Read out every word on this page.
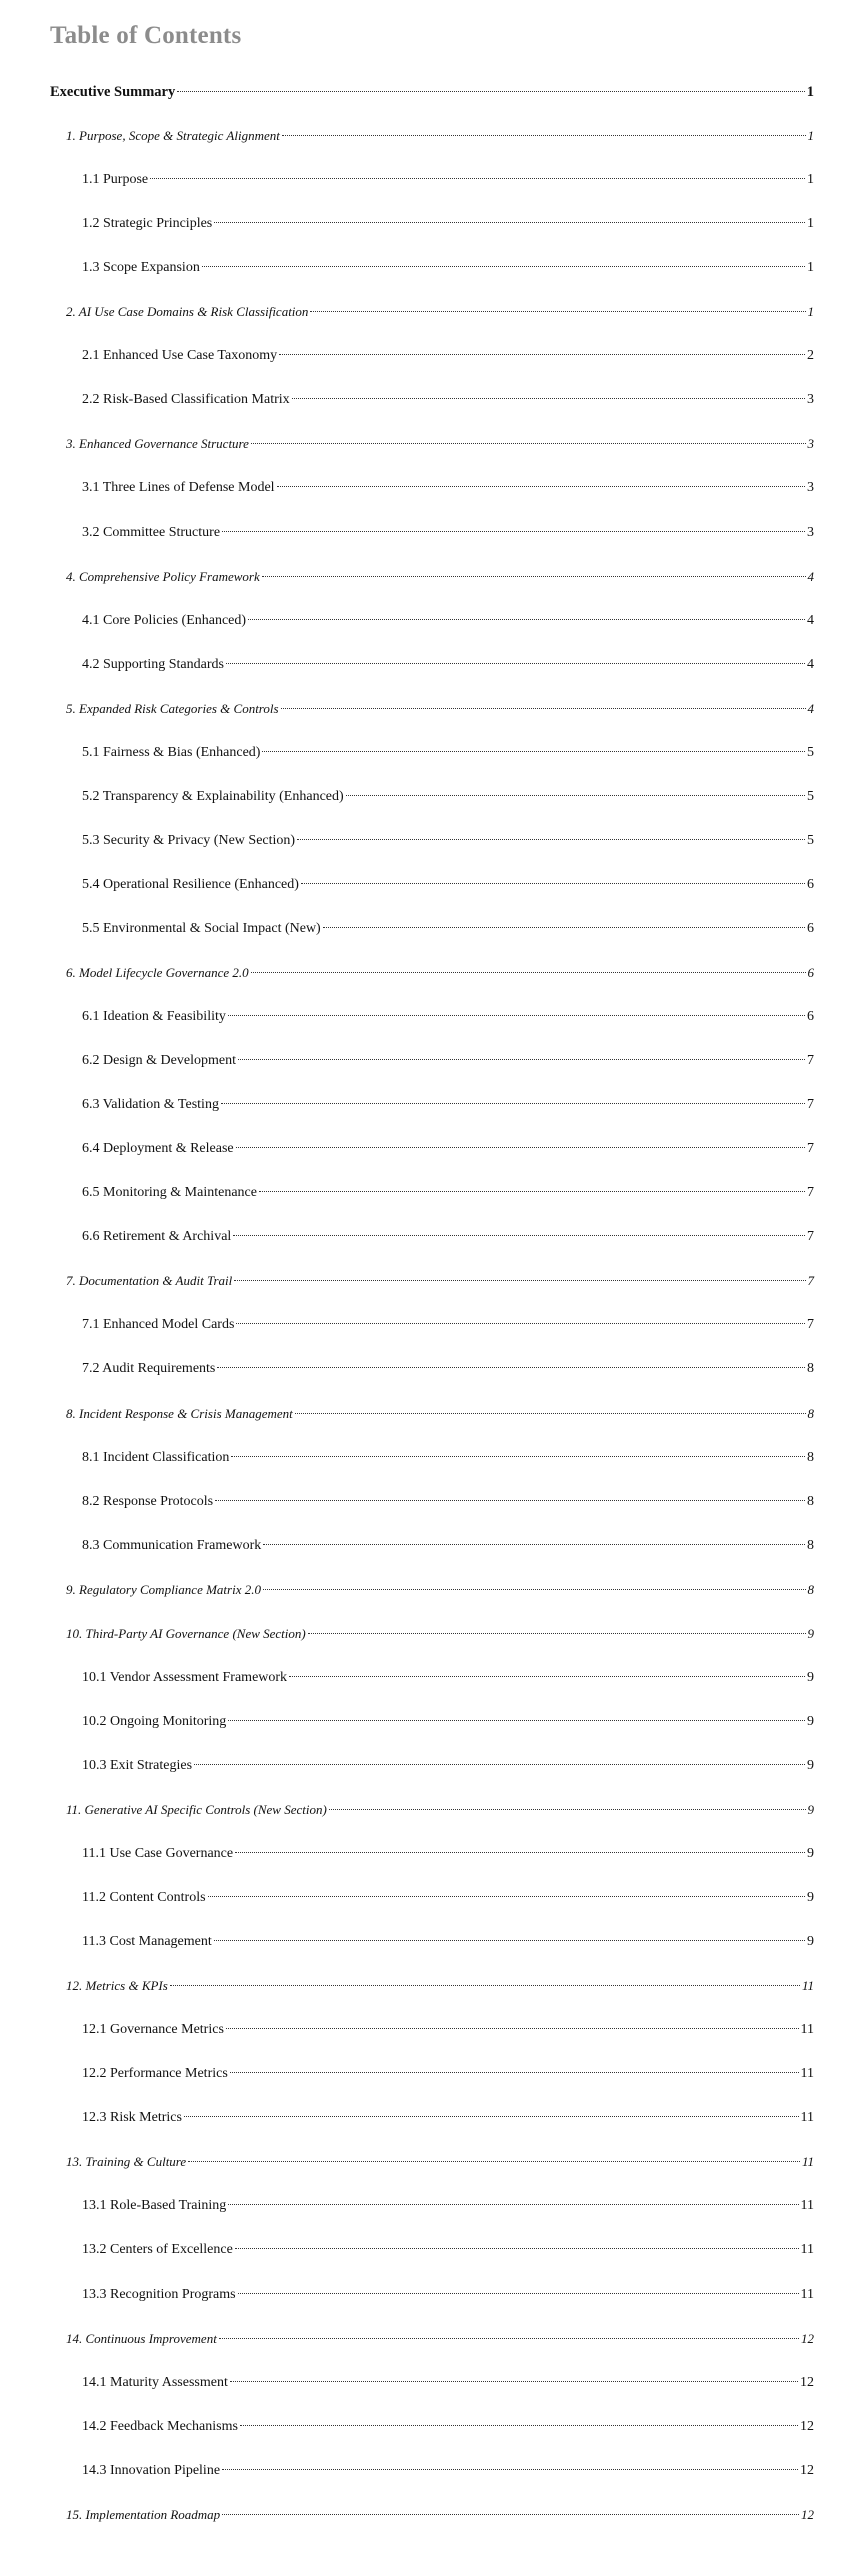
Table of Contents
Executive Summary	1
1. Purpose, Scope & Strategic Alignment	1
1.1 Purpose	1
1.2 Strategic Principles	1
1.3 Scope Expansion	1
2. AI Use Case Domains & Risk Classification	1
2.1 Enhanced Use Case Taxonomy	2
2.2 Risk-Based Classification Matrix	3
3. Enhanced Governance Structure	3
3.1 Three Lines of Defense Model	3
3.2 Committee Structure	3
4. Comprehensive Policy Framework	4
4.1 Core Policies (Enhanced)	4
4.2 Supporting Standards	4
5. Expanded Risk Categories & Controls	4
5.1 Fairness & Bias (Enhanced)	5
5.2 Transparency & Explainability (Enhanced)	5
5.3 Security & Privacy (New Section)	5
5.4 Operational Resilience (Enhanced)	6
5.5 Environmental & Social Impact (New)	6
6. Model Lifecycle Governance 2.0	6
6.1 Ideation & Feasibility	6
6.2 Design & Development	7
6.3 Validation & Testing	7
6.4 Deployment & Release	7
6.5 Monitoring & Maintenance	7
6.6 Retirement & Archival	7
7. Documentation & Audit Trail	7
7.1 Enhanced Model Cards	7
7.2 Audit Requirements	8
8. Incident Response & Crisis Management	8
8.1 Incident Classification	8
8.2 Response Protocols	8
8.3 Communication Framework	8
9. Regulatory Compliance Matrix 2.0	8
10. Third-Party AI Governance (New Section)	9
10.1 Vendor Assessment Framework	9
10.2 Ongoing Monitoring	9
10.3 Exit Strategies	9
11. Generative AI Specific Controls (New Section)	9
11.1 Use Case Governance	9
11.2 Content Controls	9
11.3 Cost Management	9
12. Metrics & KPIs	11
12.1 Governance Metrics	11
12.2 Performance Metrics	11
12.3 Risk Metrics	11
13. Training & Culture	11
13.1 Role-Based Training	11
13.2 Centers of Excellence	11
13.3 Recognition Programs	11
14. Continuous Improvement	12
14.1 Maturity Assessment	12
14.2 Feedback Mechanisms	12
14.3 Innovation Pipeline	12
15. Implementation Roadmap	12
